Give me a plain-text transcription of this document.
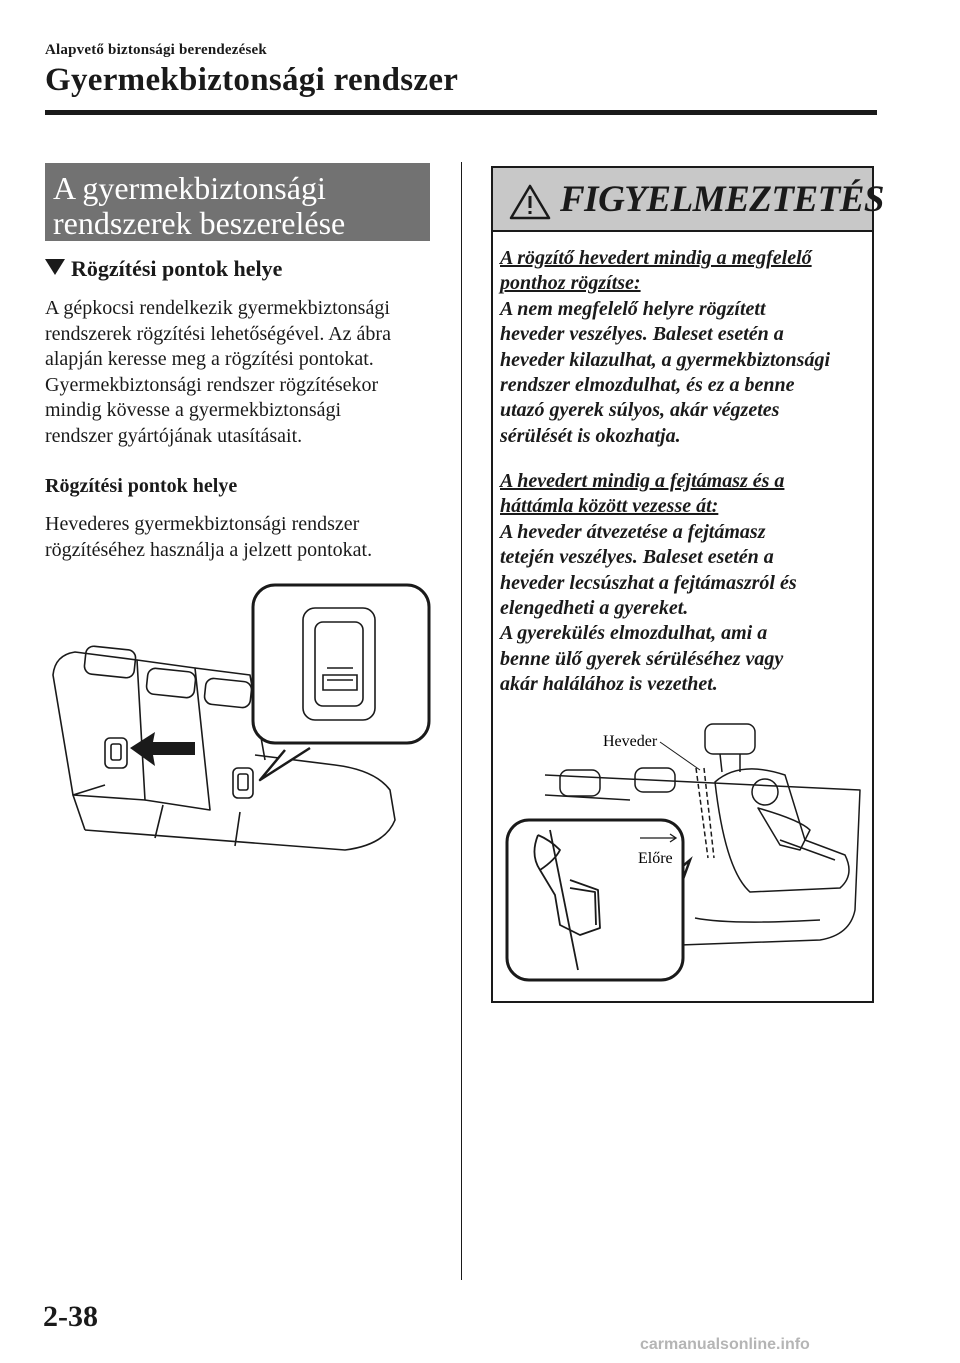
Alapvető biztonsági berendezések
Gyermekbiztonsági rendszer
A gyermekbiztonsági
rendszerek beszerelése
Rögzítési pontok helye
A gépkocsi rendelkezik gyermekbiztonsági
rendszerek rögzítési lehetőségével. Az ábra
alapján keresse meg a rögzítési pontokat.
Gyermekbiztonsági rendszer rögzítésekor
mindig kövesse a gyermekbiztonsági
rendszer gyártójának utasításait.
Rögzítési pontok helye
Hevederes gyermekbiztonsági rendszer
rögzítéséhez használja a jelzett pontokat.
FIGYELMEZTETÉS
A rögzítő hevedert mindig a megfelelő
ponthoz rögzítse:
A nem megfelelő helyre rögzített
heveder veszélyes. Baleset esetén a
heveder kilazulhat, a gyermekbiztonsági
rendszer elmozdulhat, és ez a benne
utazó gyerek súlyos, akár végzetes
sérülését is okozhatja.
A hevedert mindig a fejtámasz és a
háttámla között vezesse át:
A heveder átvezetése a fejtámasz
tetején veszélyes. Baleset esetén a
heveder lecsúszhat a fejtámaszról és
elengedheti a gyereket.
A gyerekülés elmozdulhat, ami a
benne ülő gyerek sérüléséhez vagy
akár halálához is vezethet.
Heveder
Előre
2-38
carmanualsonline.info
